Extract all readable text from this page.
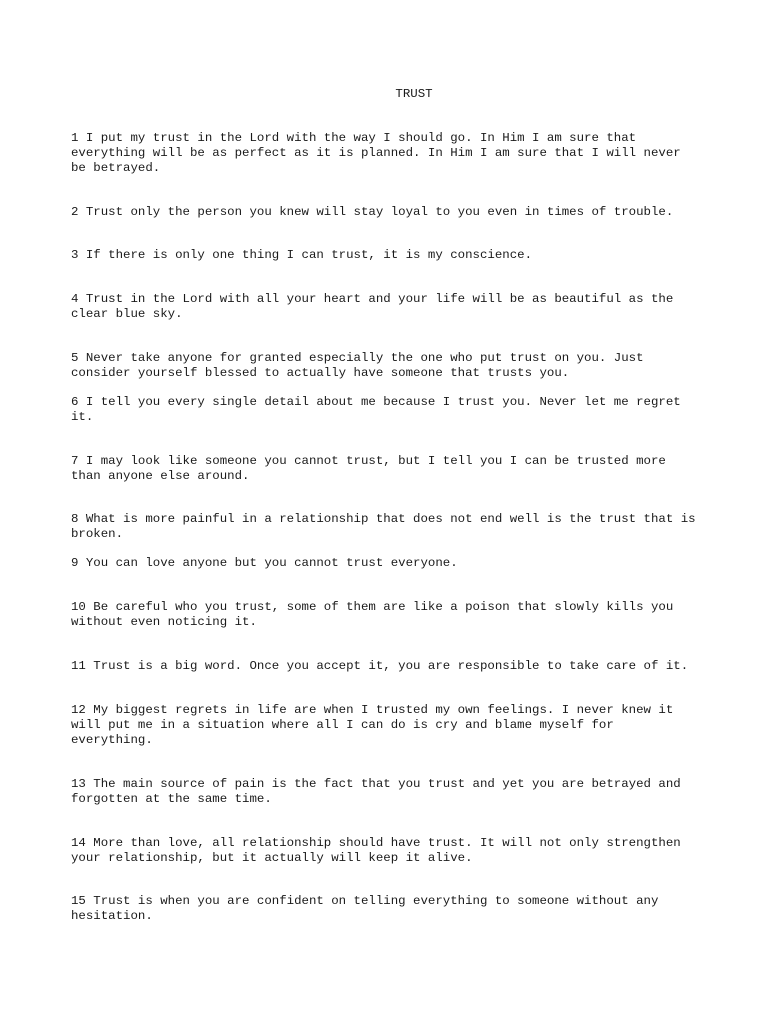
TRUST

1 I put my trust in the Lord with the way I should go. In Him I am sure that everything will be as perfect as it is planned. In Him I am sure that I will never be betrayed.

2 Trust only the person you knew will stay loyal to you even in times of trouble.

3 If there is only one thing I can trust, it is my conscience.

4 Trust in the Lord with all your heart and your life will be as beautiful as the clear blue sky.

5 Never take anyone for granted especially the one who put trust on you. Just consider yourself blessed to actually have someone that trusts you.

6 I tell you every single detail about me because I trust you. Never let me regret it.

7 I may look like someone you cannot trust, but I tell you I can be trusted more than anyone else around.

8 What is more painful in a relationship that does not end well is the trust that is broken.

9 You can love anyone but you cannot trust everyone.

10 Be careful who you trust, some of them are like a poison that slowly kills you without even noticing it.

11 Trust is a big word. Once you accept it, you are responsible to take care of it.

12 My biggest regrets in life are when I trusted my own feelings. I never knew it will put me in a situation where all I can do is cry and blame myself for everything.

13 The main source of pain is the fact that you trust and yet you are betrayed and forgotten at the same time.

14 More than love, all relationship should have trust. It will not only strengthen your relationship, but it actually will keep it alive.

15 Trust is when you are confident on telling everything to someone without any hesitation.
